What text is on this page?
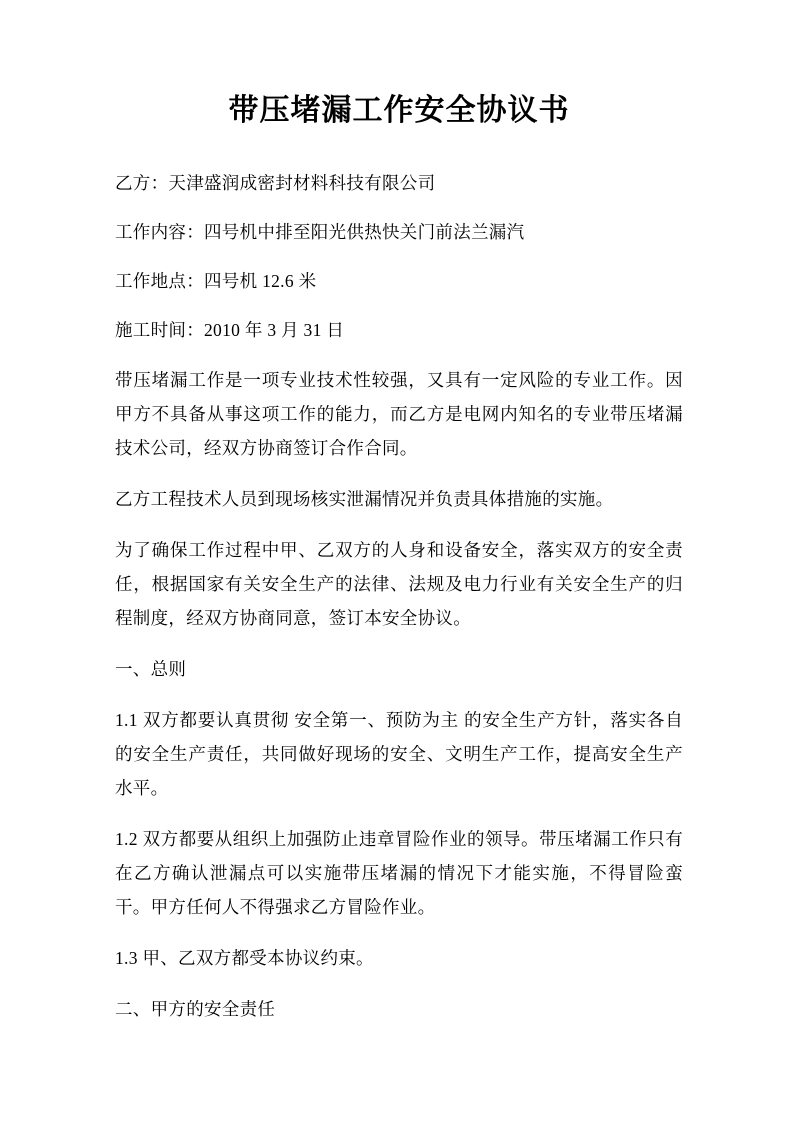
带压堵漏工作安全协议书

乙方：天津盛润成密封材料科技有限公司

工作内容：四号机中排至阳光供热快关门前法兰漏汽

工作地点：四号机 12.6 米

施工时间：2010 年 3 月 31 日

带压堵漏工作是一项专业技术性较强，又具有一定风险的专业工作。因甲方不具备从事这项工作的能力，而乙方是电网内知名的专业带压堵漏技术公司，经双方协商签订合作合同。

乙方工程技术人员到现场核实泄漏情况并负责具体措施的实施。

为了确保工作过程中甲、乙双方的人身和设备安全，落实双方的安全责任，根据国家有关安全生产的法律、法规及电力行业有关安全生产的归程制度，经双方协商同意，签订本安全协议。

一、总则

1.1 双方都要认真贯彻 安全第一、预防为主 的安全生产方针，落实各自的安全生产责任，共同做好现场的安全、文明生产工作，提高安全生产水平。

1.2 双方都要从组织上加强防止违章冒险作业的领导。带压堵漏工作只有在乙方确认泄漏点可以实施带压堵漏的情况下才能实施，不得冒险蛮干。甲方任何人不得强求乙方冒险作业。

1.3 甲、乙双方都受本协议约束。

二、甲方的安全责任
